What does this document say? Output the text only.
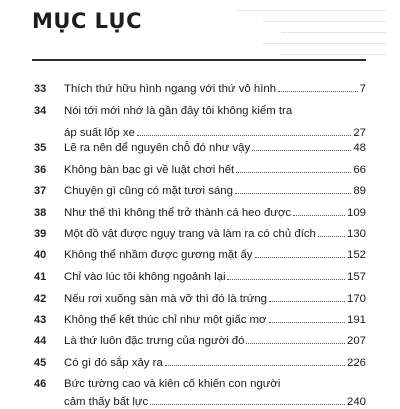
MỤC LỤC
33 Thích thứ hữu hình ngang với thứ vô hình	7
34 Nói tới mới nhớ là gần đây tôi không kiểm tra
áp suất lốp xe	27
35 Lẽ ra nên để nguyên chỗ đó như vậy	48
36 Không bàn bạc gì về luật chơi hết	66
37 Chuyện gì cũng có mặt tươi sáng	89
38 Như thế thì không thể trở thành cá heo được	109
39 Một đồ vật được ngụy trang và làm ra có chủ đích	130
40 Không thể nhầm được gương mặt ấy	152
41 Chỉ vào lúc tôi không ngoảnh lại	157
42 Nếu rơi xuống sàn mà vỡ thì đó là trứng	170
43 Không thể kết thúc chỉ như một giấc mơ	191
44 Là thứ luôn đặc trưng của người đó	207
45 Có gì đó sắp xảy ra	226
46 Bức tường cao và kiên cố khiến con người
cảm thấy bất lực	240
